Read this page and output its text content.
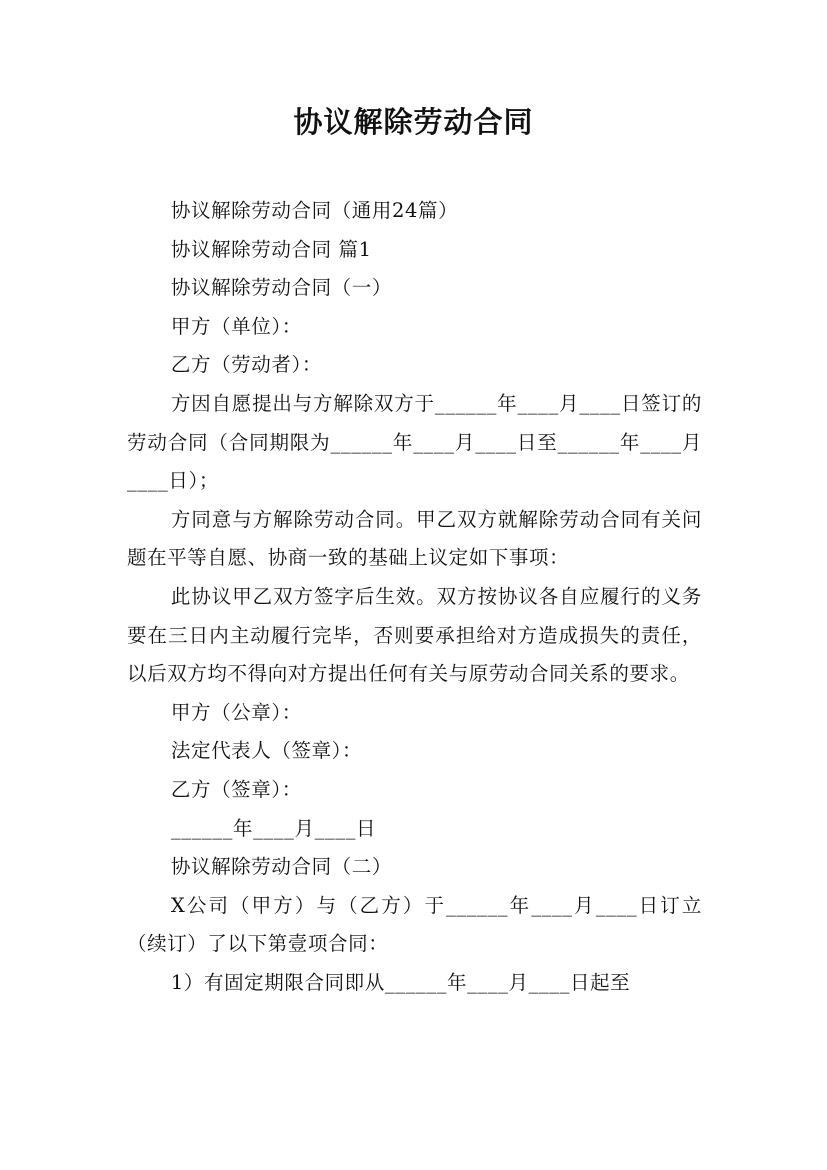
协议解除劳动合同

协议解除劳动合同（通用24篇）

协议解除劳动合同 篇1

协议解除劳动合同（一）

甲方（单位）：

乙方（劳动者）：

方因自愿提出与方解除双方于______年____月____日签订的劳动合同（合同期限为______年____月____日至______年____月____日）；

方同意与方解除劳动合同。甲乙双方就解除劳动合同有关问题在平等自愿、协商一致的基础上议定如下事项：

此协议甲乙双方签字后生效。双方按协议各自应履行的义务要在三日内主动履行完毕，否则要承担给对方造成损失的责任，以后双方均不得向对方提出任何有关与原劳动合同关系的要求。

甲方（公章）：

法定代表人（签章）：

乙方（签章）：

______年____月____日

协议解除劳动合同（二）

X公司（甲方）与（乙方）于______年____月____日订立（续订）了以下第壹项合同：

1）有固定期限合同即从______年____月____日起至
